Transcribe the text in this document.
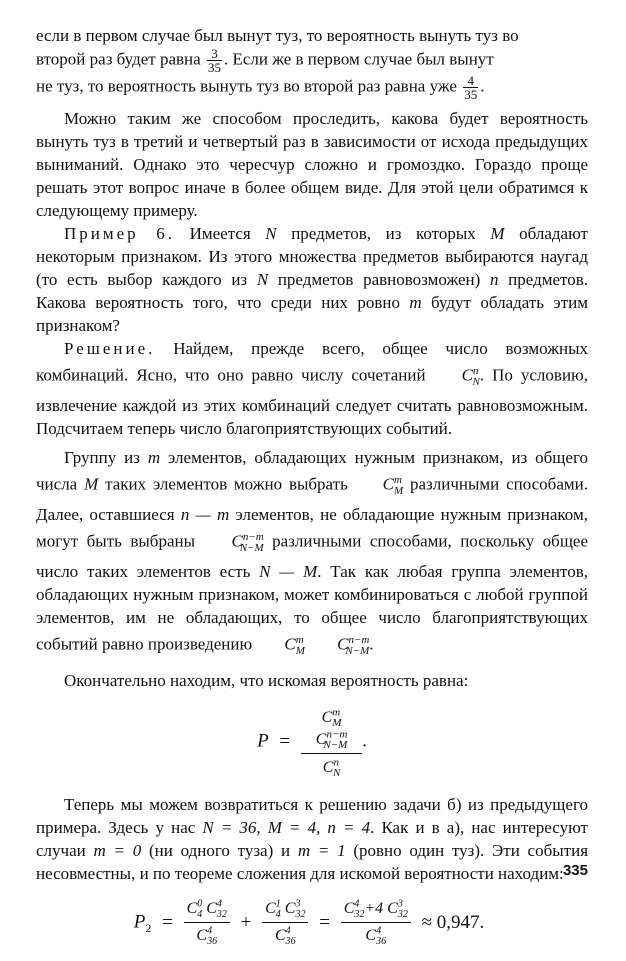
если в первом случае был вынут туз, то вероятность вынуть туз во
второй раз будет равна $\frac{3}{35}$ . Если же в первом случае был вынут
не туз, то вероятность вынуть туз во второй раз равна уже $\frac{4}{35}$ .

Можно таким же способом проследить, какова будет вероятность вынуть туз в третий и четвертый раз в зависимости от исхода предыдущих выниманий. Однако это чересчур сложно и громоздко. Гораздо проще решать этот вопрос иначе в более общем виде. Для этой цели обратимся к следующему примеру.

Пример 6. Имеется N предметов, из которых M обладают некоторым признаком. Из этого множества предметов выбираются наугад (то есть выбор каждого из N предметов равновозможен) n предметов. Какова вероятность того, что среди них ровно m будут обладать этим признаком?

Решение. Найдем, прежде всего, общее число возможных комбинаций. Ясно, что оно равно числу сочетаний $C^n_N$. По условию, извлечение каждой из этих комбинаций следует считать равновозможным. Подсчитаем теперь число благоприятствующих событий.

Группу из m элементов, обладающих нужным признаком, из общего числа M таких элементов можно выбрать $C^m_M$ различными способами. Далее, оставшиеся n — m элементов, не обладающие нужным признаком, могут быть выбраны $C^{n-m}_{N-M}$ различными способами, поскольку общее число таких элементов есть N — M. Так как любая группа элементов, обладающих нужным признаком, может комбинироваться с любой группой элементов, им не обладающих, то общее число благоприятствующих событий равно произведению $C^m_M$ $C^{n-m}_{N-M}$.

Окончательно находим, что искомая вероятность равна:

$P = \frac{C^m_M C^{n-m}_{N-M}}{C^n_N}$ .

Теперь мы можем возвратиться к решению задачи б) из предыдущего примера. Здесь у нас N = 36, M = 4, n = 4. Как и в а), нас интересуют случаи m = 0 (ни одного туза) и m = 1 (ровно один туз). Эти события несовместны, и по теореме сложения для искомой вероятности находим:

$P_2 = \frac{C^0_4 C^4_{32}}{C^4_{36}} + \frac{C^1_4 C^3_{32}}{C^4_{36}} = \frac{C^4_{32}+4 C^3_{32}}{C^4_{36}} \approx 0,947$.
335
